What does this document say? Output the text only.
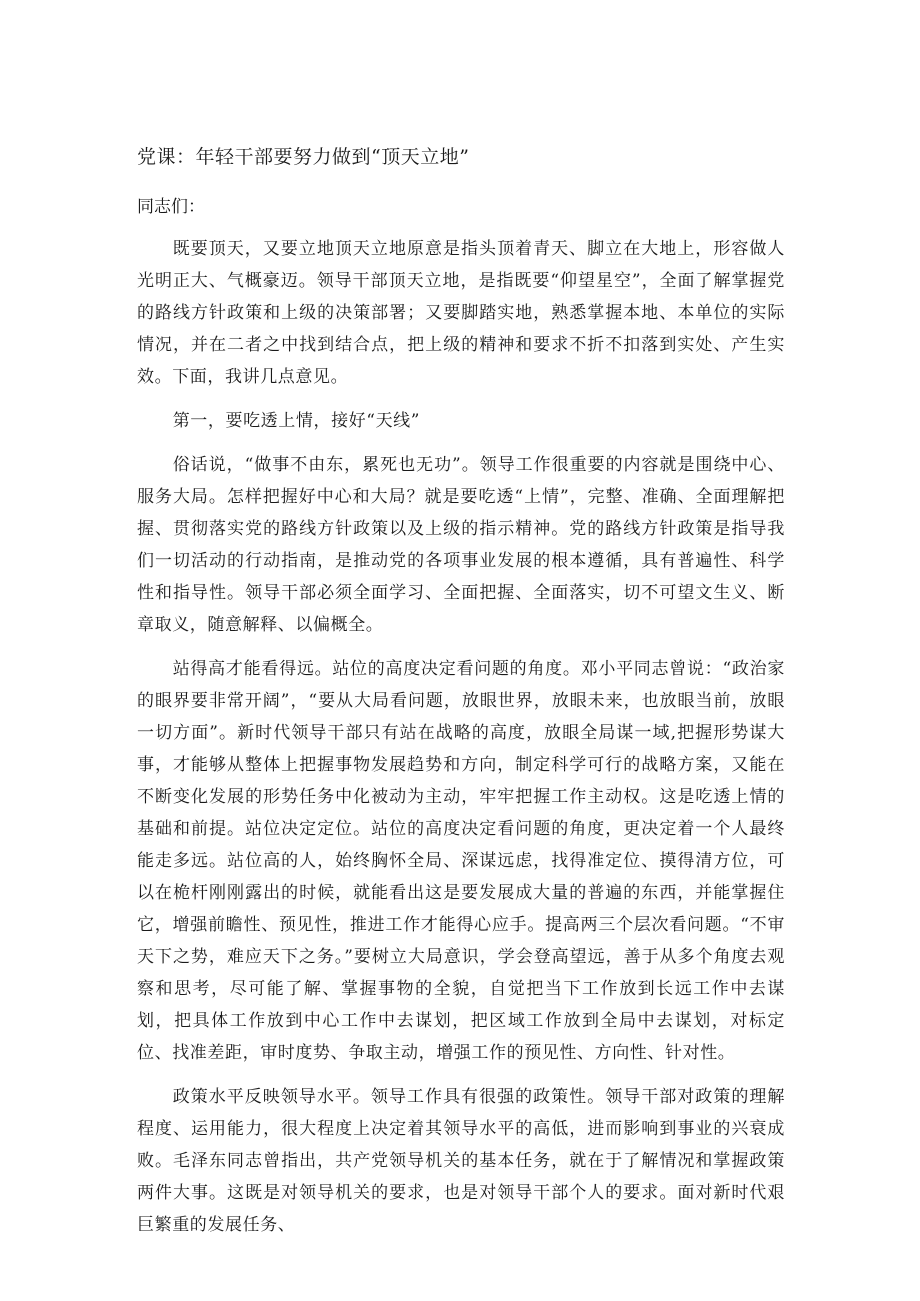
党课：年轻干部要努力做到“顶天立地”

同志们：

既要顶天，又要立地顶天立地原意是指头顶着青天、脚立在大地上，形容做人光明正大、气概豪迈。领导干部顶天立地，是指既要“仰望星空”，全面了解掌握党的路线方针政策和上级的决策部署；又要脚踏实地，熟悉掌握本地、本单位的实际情况，并在二者之中找到结合点，把上级的精神和要求不折不扣落到实处、产生实效。下面，我讲几点意见。

第一，要吃透上情，接好“天线”

俗话说，“做事不由东，累死也无功”。领导工作很重要的内容就是围绕中心、服务大局。怎样把握好中心和大局？就是要吃透“上情”，完整、准确、全面理解把握、贯彻落实党的路线方针政策以及上级的指示精神。党的路线方针政策是指导我们一切活动的行动指南，是推动党的各项事业发展的根本遵循，具有普遍性、科学性和指导性。领导干部必须全面学习、全面把握、全面落实，切不可望文生义、断章取义，随意解释、以偏概全。

站得高才能看得远。站位的高度决定看问题的角度。邓小平同志曾说：“政治家的眼界要非常开阔”，“要从大局看问题，放眼世界，放眼未来，也放眼当前，放眼一切方面”。新时代领导干部只有站在战略的高度，放眼全局谋一域,把握形势谋大事，才能够从整体上把握事物发展趋势和方向，制定科学可行的战略方案，又能在不断变化发展的形势任务中化被动为主动，牢牢把握工作主动权。这是吃透上情的基础和前提。站位决定定位。站位的高度决定看问题的角度，更决定着一个人最终能走多远。站位高的人，始终胸怀全局、深谋远虑，找得准定位、摸得清方位，可以在桅杆刚刚露出的时候，就能看出这是要发展成大量的普遍的东西，并能掌握住它，增强前瞻性、预见性，推进工作才能得心应手。提高两三个层次看问题。“不审天下之势，难应天下之务。”要树立大局意识，学会登高望远，善于从多个角度去观察和思考，尽可能了解、掌握事物的全貌，自觉把当下工作放到长远工作中去谋划，把具体工作放到中心工作中去谋划，把区域工作放到全局中去谋划，对标定位、找准差距，审时度势、争取主动，增强工作的预见性、方向性、针对性。

政策水平反映领导水平。领导工作具有很强的政策性。领导干部对政策的理解程度、运用能力，很大程度上决定着其领导水平的高低，进而影响到事业的兴衰成败。毛泽东同志曾指出，共产党领导机关的基本任务，就在于了解情况和掌握政策两件大事。这既是对领导机关的要求，也是对领导干部个人的要求。面对新时代艰巨繁重的发展任务、
